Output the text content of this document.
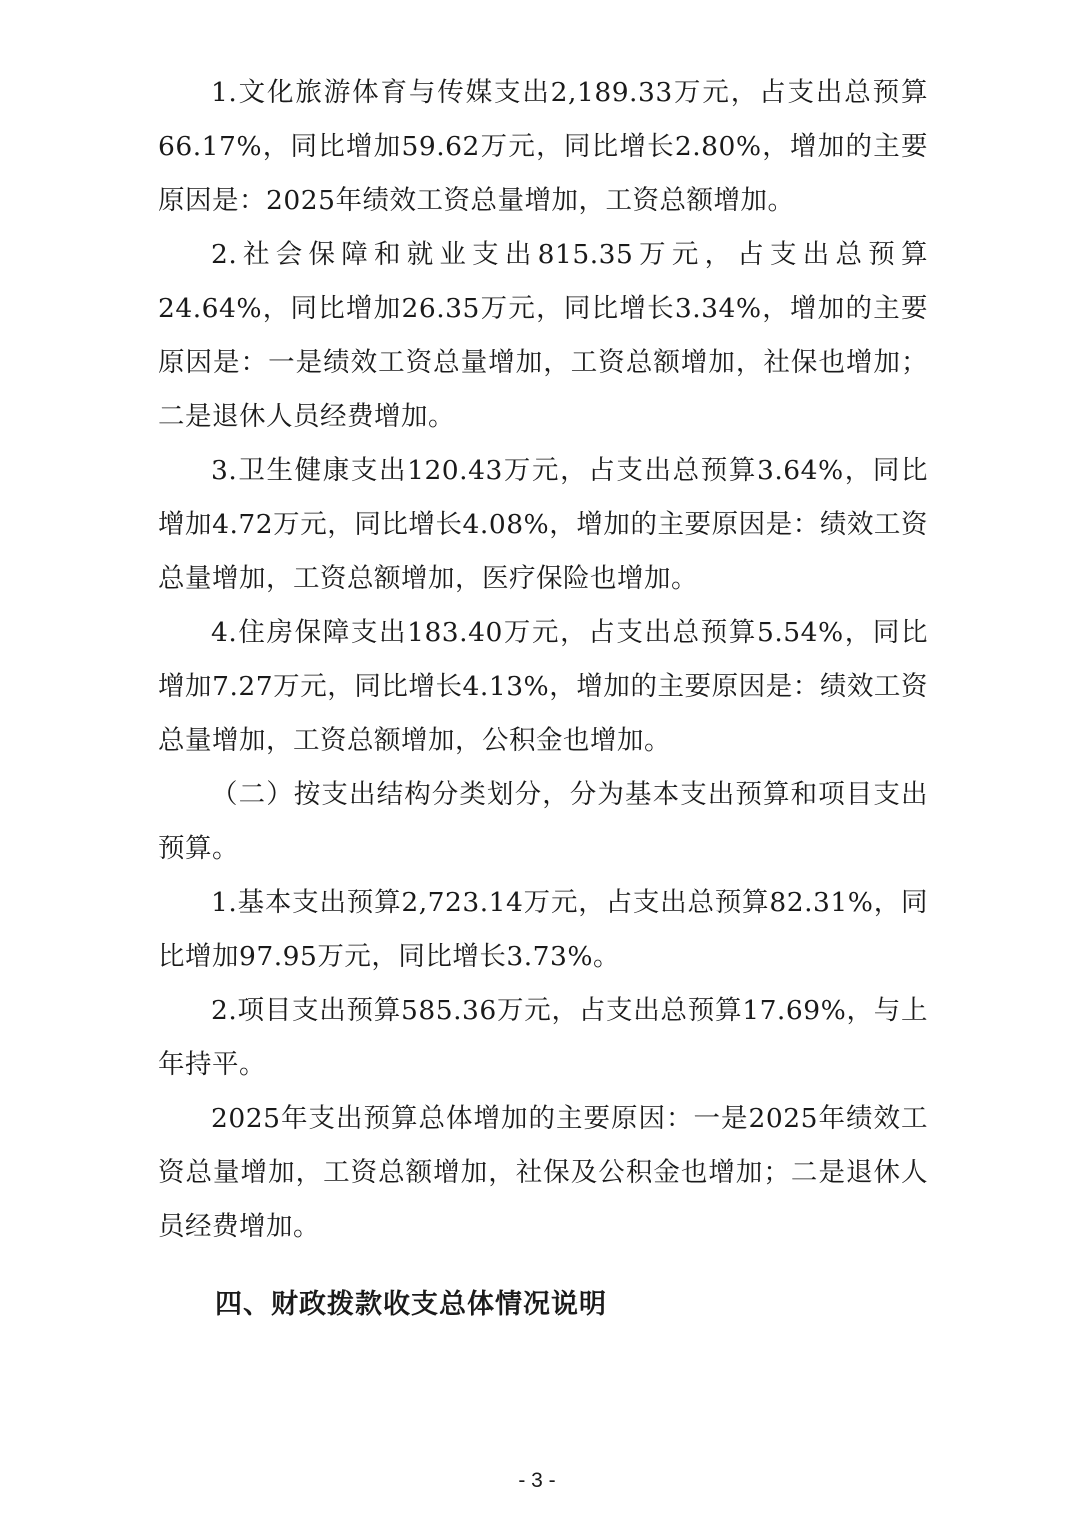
1.文化旅游体育与传媒支出2,189.33万元，占支出总预算66.17%，同比增加59.62万元，同比增长2.80%，增加的主要原因是：2025年绩效工资总量增加，工资总额增加。

2.社会保障和就业支出815.35万元，占支出总预算24.64%，同比增加26.35万元，同比增长3.34%，增加的主要原因是：一是绩效工资总量增加，工资总额增加，社保也增加；二是退休人员经费增加。

3.卫生健康支出120.43万元，占支出总预算3.64%，同比增加4.72万元，同比增长4.08%，增加的主要原因是：绩效工资总量增加，工资总额增加，医疗保险也增加。

4.住房保障支出183.40万元，占支出总预算5.54%，同比增加7.27万元，同比增长4.13%，增加的主要原因是：绩效工资总量增加，工资总额增加，公积金也增加。

（二）按支出结构分类划分，分为基本支出预算和项目支出预算。

1.基本支出预算2,723.14万元，占支出总预算82.31%，同比增加97.95万元，同比增长3.73%。

2.项目支出预算585.36万元，占支出总预算17.69%，与上年持平。

2025年支出预算总体增加的主要原因：一是2025年绩效工资总量增加，工资总额增加，社保及公积金也增加；二是退休人员经费增加。

四、财政拨款收支总体情况说明
- 3 -
